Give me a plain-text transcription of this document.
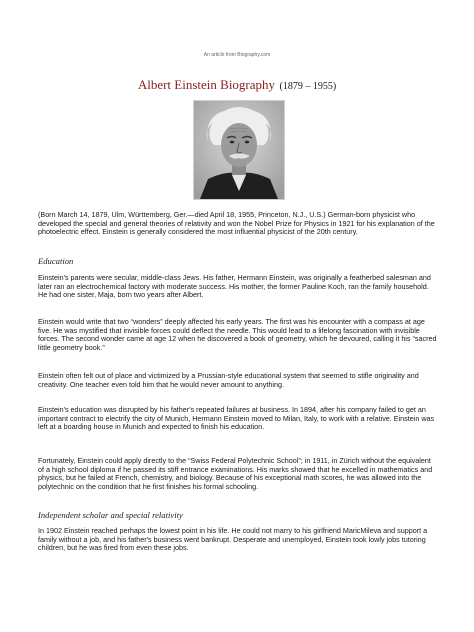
An article from Biography.com
Albert Einstein Biography (1879 – 1955)
(Born March 14, 1879, Ulm, Württemberg, Ger.—died April 18, 1955, Princeton, N.J., U.S.) German-born physicist who developed the special and general theories of relativity and won the Nobel Prize for Physics in 1921 for his explanation of the photoelectric effect. Einstein is generally considered the most influential physicist of the 20th century.
Education
Einstein's parents were secular, middle-class Jews. His father, Hermann Einstein, was originally a featherbed salesman and later ran an electrochemical factory with moderate success. His mother, the former Pauline Koch, ran the family household. He had one sister, Maja, born two years after Albert.
Einstein would write that two “wonders” deeply affected his early years. The first was his encounter with a compass at age five. He was mystified that invisible forces could deflect the needle. This would lead to a lifelong fascination with invisible forces. The second wonder came at age 12 when he discovered a book of geometry, which he devoured, calling it his “sacred little geometry book.”
Einstein often felt out of place and victimized by a Prussian-style educational system that seemed to stifle originality and creativity. One teacher even told him that he would never amount to anything.
Einstein's education was disrupted by his father's repeated failures at business. In 1894, after his company failed to get an important contract to electrify the city of Munich, Hermann Einstein moved to Milan, Italy, to work with a relative. Einstein was left at a boarding house in Munich and expected to finish his education.
Fortunately, Einstein could apply directly to the “Swiss Federal Polytechnic School”; in 1911, in Zürich without the equivalent of a high school diploma if he passed its stiff entrance examinations. His marks showed that he excelled in mathematics and physics, but he failed at French, chemistry, and biology. Because of his exceptional math scores, he was allowed into the polytechnic on the condition that he first finishes his formal schooling.
Independent scholar and special relativity
In 1902 Einstein reached perhaps the lowest point in his life. He could not marry to his girlfriend MaricMileva and support a family without a job, and his father's business went bankrupt. Desperate and unemployed, Einstein took lowly jobs tutoring children, but he was fired from even these jobs.
